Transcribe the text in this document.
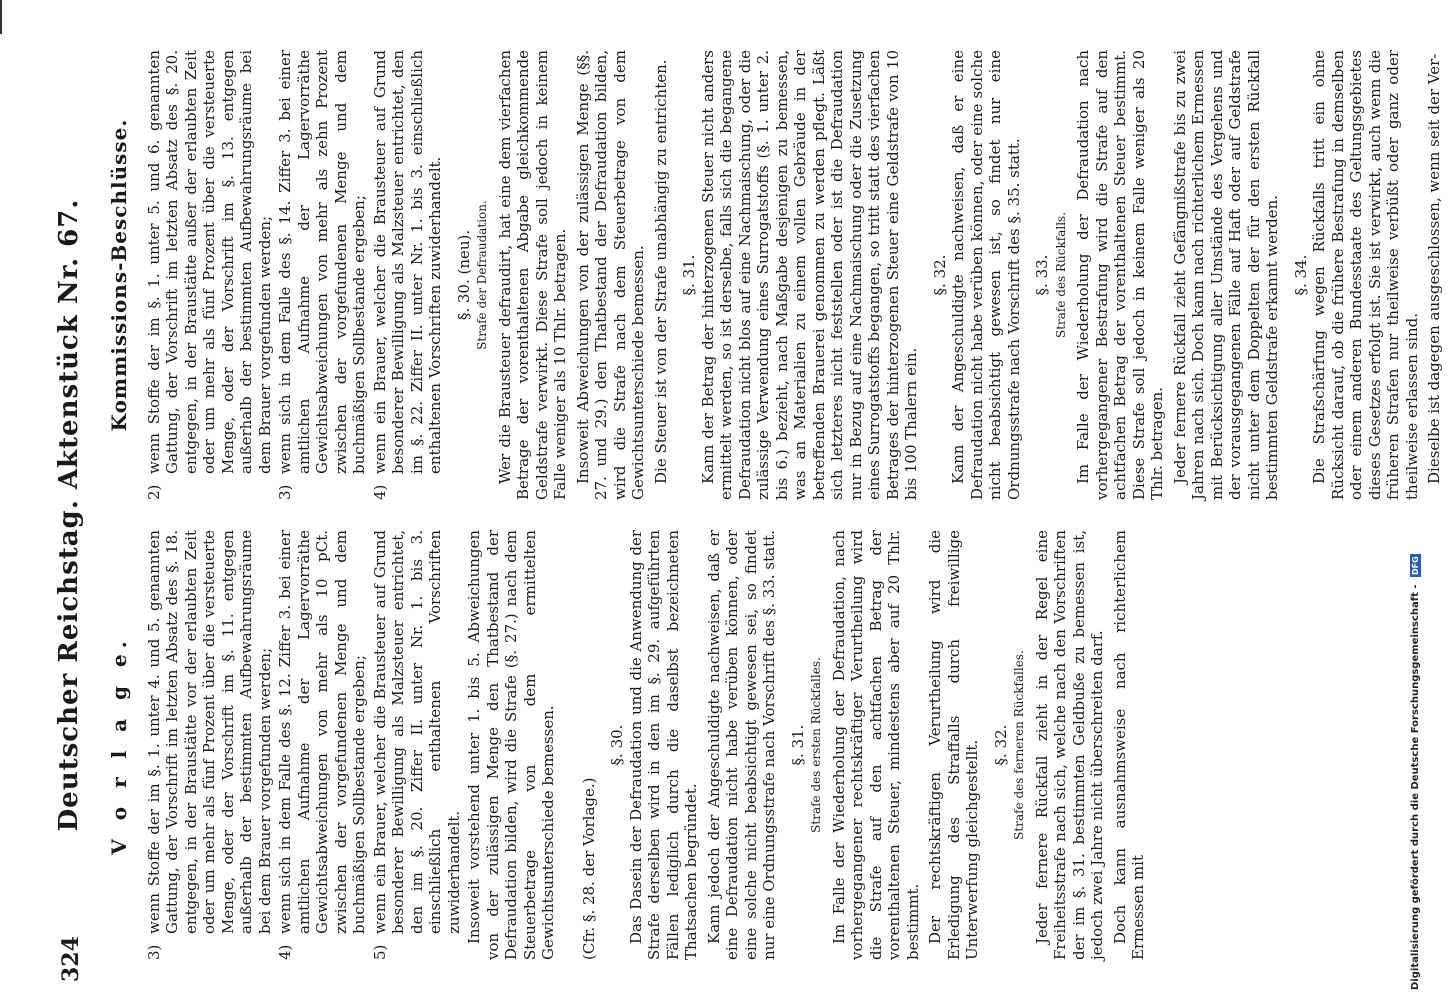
324
Deutscher Reichstag. Aktenstück Nr. 67. V o r l a g e.
3)
wenn Stoffe der im §. 1. unter 4. und 5. genannten Gattung, der Vorschrift im letzten Absatz des §. 18. entgegen, in der Braustätte vor der erlaubten Zeit oder um mehr als fünf Prozent über die versteuerte Menge, oder der Vorschrift im §. 11. entgegen außerhalb der bestimmten Aufbewahrungsräume bei dem Brauer vorgefunden werden;
4)
wenn sich in dem Falle des §. 12. Ziffer 3. bei einer amtlichen Aufnahme der Lagervorräthe Gewichtsabweichungen von mehr als 10 pCt. zwischen der vorgefundenen Menge und dem buchmäßigen Sollbestande ergeben;
5)
wenn ein Brauer, welcher die Brausteuer auf Grund besonderer Bewilligung als Malzsteuer entrichtet, den im §. 20. Ziffer II. unter Nr. 1. bis 3. einschließlich enthaltenen Vorschriften zuwiderhandelt. Insoweit vorstehend unter 1. bis 5. Abweichungen von der zulässigen Menge den Thatbestand der Defraudation bilden, wird die Strafe (§. 27.) nach dem Steuerbetrage von dem ermittelten Gewichtsunterschiede bemessen. (Cfr. §. 28. der Vorlage.)
§. 30. Das Dasein der Defraudation und die Anwendung der Strafe derselben wird in den im §. 29. aufgeführten Fällen lediglich durch die daselbst bezeichneten Thatsachen begründet. Kann jedoch der Angeschuldigte nachweisen, daß er eine Defraudation nicht habe verüben können, oder eine solche nicht beabsichtigt gewesen sei, so findet nur eine Ordnungsstrafe nach Vorschrift des §. 33. statt. §. 31. Strafe des ersten Rückfalles. Im Falle der Wiederholung der Defraudation, nach vorhergegangener rechtskräftiger Verurtheilung wird die Strafe auf den achtfachen Betrag der vorenthaltenen Steuer, mindestens aber auf 20 Thlr. bestimmt. Der rechtskräftigen Verurtheilung wird die Erledigung des Straffalls durch freiwillige Unterwerfung gleichgestellt. §. 32. Strafe des ferneren Rückfalles. Jeder fernere Rückfall zieht in der Regel eine Freiheitsstrafe nach sich, welche nach den Vorschriften der im §. 31. bestimmten Geldbuße zu bemessen ist, jedoch zwei Jahre nicht überschreiten darf. Doch kann ausnahmsweise nach richterlichem Ermessen mit

Kommissions-Beschlüsse.
2)
wenn Stoffe der im §. 1. unter 5. und 6. genannten Gattung, der Vorschrift im letzten Absatz des §. 20. entgegen, in der Braustätte außer der erlaubten Zeit oder um mehr als fünf Prozent über die versteuerte Menge, oder der Vorschrift im §. 13. entgegen außerhalb der bestimmten Aufbewahrungsräume bei dem Brauer vorgefunden werden;
3)
wenn sich in dem Falle des §. 14. Ziffer 3. bei einer amtlichen Aufnahme der Lagervorräthe Gewichtsabweichungen von mehr als zehn Prozent zwischen der vorgefundenen Menge und dem buchmäßigen Sollbestande ergeben;
4)
wenn ein Brauer, welcher die Brausteuer auf Grund besonderer Bewilligung als Malzsteuer entrichtet, den im §. 22. Ziffer II. unter Nr. 1. bis 3. einschließlich enthaltenen Vorschriften zuwiderhandelt. §. 30. (neu). Strafe der Defraudation. Wer die Brausteuer defraudirt, hat eine dem vierfachen Betrage der vorenthaltenen Abgabe gleichkommende Geldstrafe verwirkt. Diese Strafe soll jedoch in keinem Falle weniger als 10 Thlr. betragen. Insoweit Abweichungen von der zulässigen Menge (§§. 27. und 29.) den Thatbestand der Defraudation bilden, wird die Strafe nach dem Steuerbetrage von dem Gewichtsunterschiede bemessen. Die Steuer ist von der Strafe unabhängig zu entrichten. §. 31. Kann der Betrag der hinterzogenen Steuer nicht anders ermittelt werden, so ist derselbe, falls sich die begangene Defraudation nicht blos auf eine Nachmaischung, oder die zulässige Verwendung eines Surrogatstoffs (§. 1. unter 2. bis 6.) bezieht, nach Maßgabe desjenigen zu bemessen, was an Materialien zu einem vollen Gebräude in der betreffenden Brauerei genommen zu werden pflegt. Läßt sich letzteres nicht feststellen oder ist die Defraudation nur in Bezug auf eine Nachmaischung oder die Zusetzung eines Surrogatstoffs begangen, so tritt statt des vierfachen Betrages der hinterzogenen Steuer eine Geldstrafe von 10 bis 100 Thalern ein.

§. 32. Kann der Angeschuldigte nachweisen, daß er eine Defraudation nicht habe verüben können, oder eine solche nicht beabsichtigt gewesen ist, so findet nur eine Ordnungsstrafe nach Vorschrift des §. 35. statt. §. 33. Strafe des Rückfalls. Im Falle der Wiederholung der Defraudation nach vorhergegangener Bestrafung wird die Strafe auf den achtfachen Betrag der vorenthaltenen Steuer bestimmt. Diese Strafe soll jedoch in keinem Falle weniger als 20 Thlr. betragen. Jeder fernere Rückfall zieht Gefängnißstrafe bis zu zwei Jahren nach sich. Doch kann nach richterlichem Ermessen mit Berücksichtigung aller Umstände des Vergehens und der vorausgegangenen Fälle auf Haft oder auf Geldstrafe nicht unter dem Doppelten der für den ersten Rückfall bestimmten Geldstrafe erkannt werden. §. 34. Die Strafschärfung wegen Rückfalls tritt ein ohne Rücksicht darauf, ob die frühere Bestrafung in demselben oder einem anderen Bundesstaate des Geltungsgebietes dieses Gesetzes erfolgt ist. Sie ist verwirkt, auch wenn die früheren Strafen nur theilweise verbüßt oder ganz oder theilweise erlassen sind. Dieselbe ist dagegen ausgeschlossen, wenn seit der Ver-

Digitalisierung gefördert durch die Deutsche Forschungsgemeinschaft - DFG
